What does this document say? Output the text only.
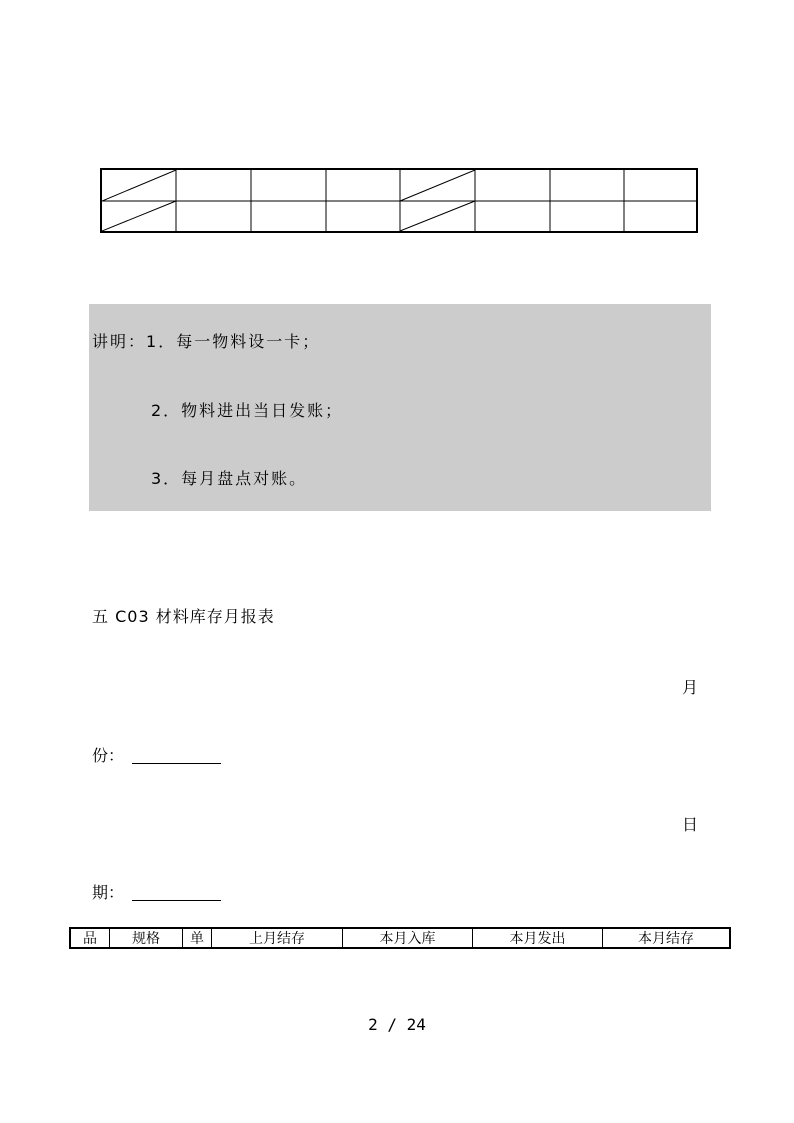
讲明：1．每一物料设一卡；
2．物料进出当日发账；
3．每月盘点对账。
五 C03 材料库存月报表
月
份：
日
期：
品	规格	单	上月结存	本月入库	本月发出	本月结存
2 / 24
